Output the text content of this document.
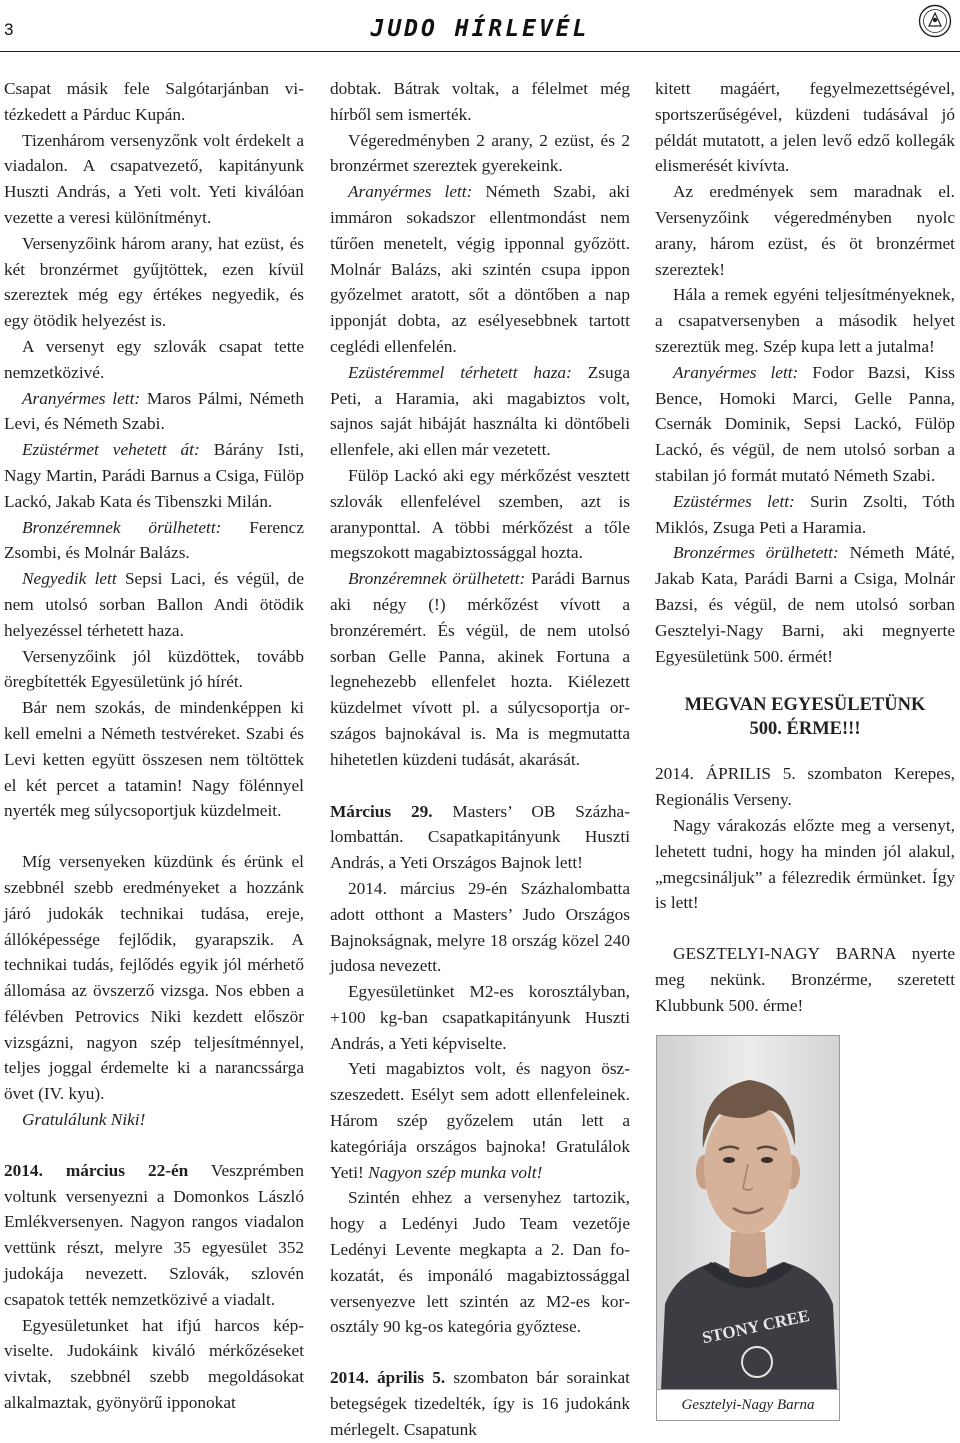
3	JUDO HÍRLEVÉL

Csapat másik fele Salgótarjánban vitézkedett a Párduc Kupán.

Tizenhárom versenyzőnk volt érdekelt a viadalon. A csapatvezető, kapitányunk Huszti András, a Yeti volt. Yeti kiválóan vezette a veresi különítményt.

Versenyzőink három arany, hat ezüst, és két bronzérmet gyűjtöttek, ezen kívül szereztek még egy értékes negyedik, és egy ötödik helyezést is.

A versenyt egy szlovák csapat tette nemzetközivé.

Aranyérmes lett: Maros Pálmi, Németh Levi, és Németh Szabi.

Ezüstérmet vehetett át: Bárány Isti, Nagy Martin, Parádi Barnus a Csiga, Fülöp Lackó, Jakab Kata és Tibenszki Milán.

Bronzéremnek örülhetett: Ferencz Zsombi, és Molnár Balázs.

Negyedik lett Sepsi Laci, és végül, de nem utolsó sorban Ballon Andi ötödik helyezéssel térhetett haza.

Versenyzőink jól küzdöttek, tovább öregbítették Egyesületünk jó hírét.

Bár nem szokás, de mindenképpen ki kell emelni a Németh testvéreket. Szabi és Levi ketten együtt összesen nem töltöttek el két percet a tatamin! Nagy fölénnyel nyerték meg súlycsoportjuk küzdelmeit.

Míg versenyeken küzdünk és érünk el szebbnél szebb eredményeket a hozzánk járó judokák technikai tudása, ereje, állóképessége fejlődik, gyarapszik. A technikai tudás, fejlődés egyik jól mérhető állomása az övszerző vizsga. Nos ebben a félévben Petrovics Niki kezdett először vizsgázni, nagyon szép teljesítménnyel, teljes joggal érdemelte ki a narancssárga övet (IV. kyu).

Gratulálunk Niki!

2014. március 22-én Veszprémben voltunk versenyezni a Domonkos László Emlékversenyen. Nagyon rangos viadalon vettünk részt, melyre 35 egyesület 352 judokája nevezett. Szlovák, szlovén csapatok tették nemzetközivé a viadalt.

Egyesületunket hat ifjú harcos képviselte. Judokáink kiváló mérkőzéseket vivtak, szebbnél szebb megoldásokat alkalmaztak, gyönyörű ipponokat

dobtak. Bátrak voltak, a félelmet még hírből sem ismerték.

Végeredményben 2 arany, 2 ezüst, és 2 bronzérmet szereztek gyerekeink.

Aranyérmes lett: Németh Szabi, aki immáron sokadszor ellentmondást nem tűrően menetelt, végig ipponnal győzött. Molnár Balázs, aki szintén csupa ippon győzelmet aratott, sőt a döntőben a nap ipponját dobta, az esélyesebbnek tartott ceglédi ellenfelén.

Ezüstéremmel térhetett haza: Zsuga Peti, a Haramia, aki magabiztos volt, sajnos saját hibáját használta ki döntőbeli ellenfele, aki ellen már vezetett.

Fülöp Lackó aki egy mérkőzést vesztett szlovák ellenfelével szemben, azt is aranyponttal. A többi mérkőzést a tőle megszokott magabiztossággal hozta.

Bronzéremnek örülhetett: Parádi Barnus aki négy (!) mérkőzést vívott a bronzéremért. És végül, de nem utolsó sorban Gelle Panna, akinek Fortuna a legnehezebb ellenfelet hozta. Kiélezett küzdelmet vívott pl. a súlycsoportja országos bajnokával is. Ma is megmutatta hihetetlen küzdeni tudását, akarását.

Március 29. Masters’ OB Százhalombattán. Csapatkapitányunk Huszti András, a Yeti Országos Bajnok lett!

2014. március 29-én Százhalombatta adott otthont a Masters’ Judo Országos Bajnokságnak, melyre 18 ország közel 240 judosa nevezett.

Egyesületünket M2-es korosztályban, +100 kg-ban csapatkapitányunk Huszti András, a Yeti képviselte.

Yeti magabiztos volt, és nagyon öszszeszedett. Esélyt sem adott ellenfeleinek. Három szép győzelem után lett a kategóriája országos bajnoka! Gratulálok Yeti! Nagyon szép munka volt!

Szintén ehhez a versenyhez tartozik, hogy a Ledényi Judo Team vezetője Ledényi Levente megkapta a 2. Dan fokozatát, és imponáló magabiztossággal versenyezve lett szintén az M2-es korosztály 90 kg-os kategória győztese.

2014. április 5. szombaton bár sorainkat betegségek tizedelték, így is 16 judokánk mérlegelt. Csapatunk

kitett magáért, fegyelmezettségével, sportszerűségével, küzdeni tudásával jó példát mutatott, a jelen levő edző kollegák elismerését kivívta.

Az eredmények sem maradnak el. Versenyzőink végeredményben nyolc arany, három ezüst, és öt bronzérmet szereztek!

Hála a remek egyéni teljesítményeknek, a csapatversenyben a második helyet szereztük meg. Szép kupa lett a jutalma!

Aranyérmes lett: Fodor Bazsi, Kiss Bence, Homoki Marci, Gelle Panna, Csernák Dominik, Sepsi Lackó, Fülöp Lackó, és végül, de nem utolsó sorban a stabilan jó formát mutató Németh Szabi.

Ezüstérmes lett: Surin Zsolti, Tóth Miklós, Zsuga Peti a Haramia.

Bronzérmes örülhetett: Németh Máté, Jakab Kata, Parádi Barni a Csiga, Molnár Bazsi, és végül, de nem utolsó sorban Gesztelyi-Nagy Barni, aki megnyerte Egyesületünk 500. érmét!

MEGVAN EGYESÜLETÜNK
500. ÉRME!!!

2014. ÁPRILIS 5. szombaton Kerepes, Regionális Verseny.

Nagy várakozás előzte meg a versenyt, lehetett tudni, hogy ha minden jól alakul, „megcsináljuk” a félezredik érmünket. Így is lett!

GESZTELYI-NAGY BARNA nyerte meg nekünk. Bronzérme, szeretett Klubbunk 500. érme!

STONY CREE
Gesztelyi-Nagy Barna
